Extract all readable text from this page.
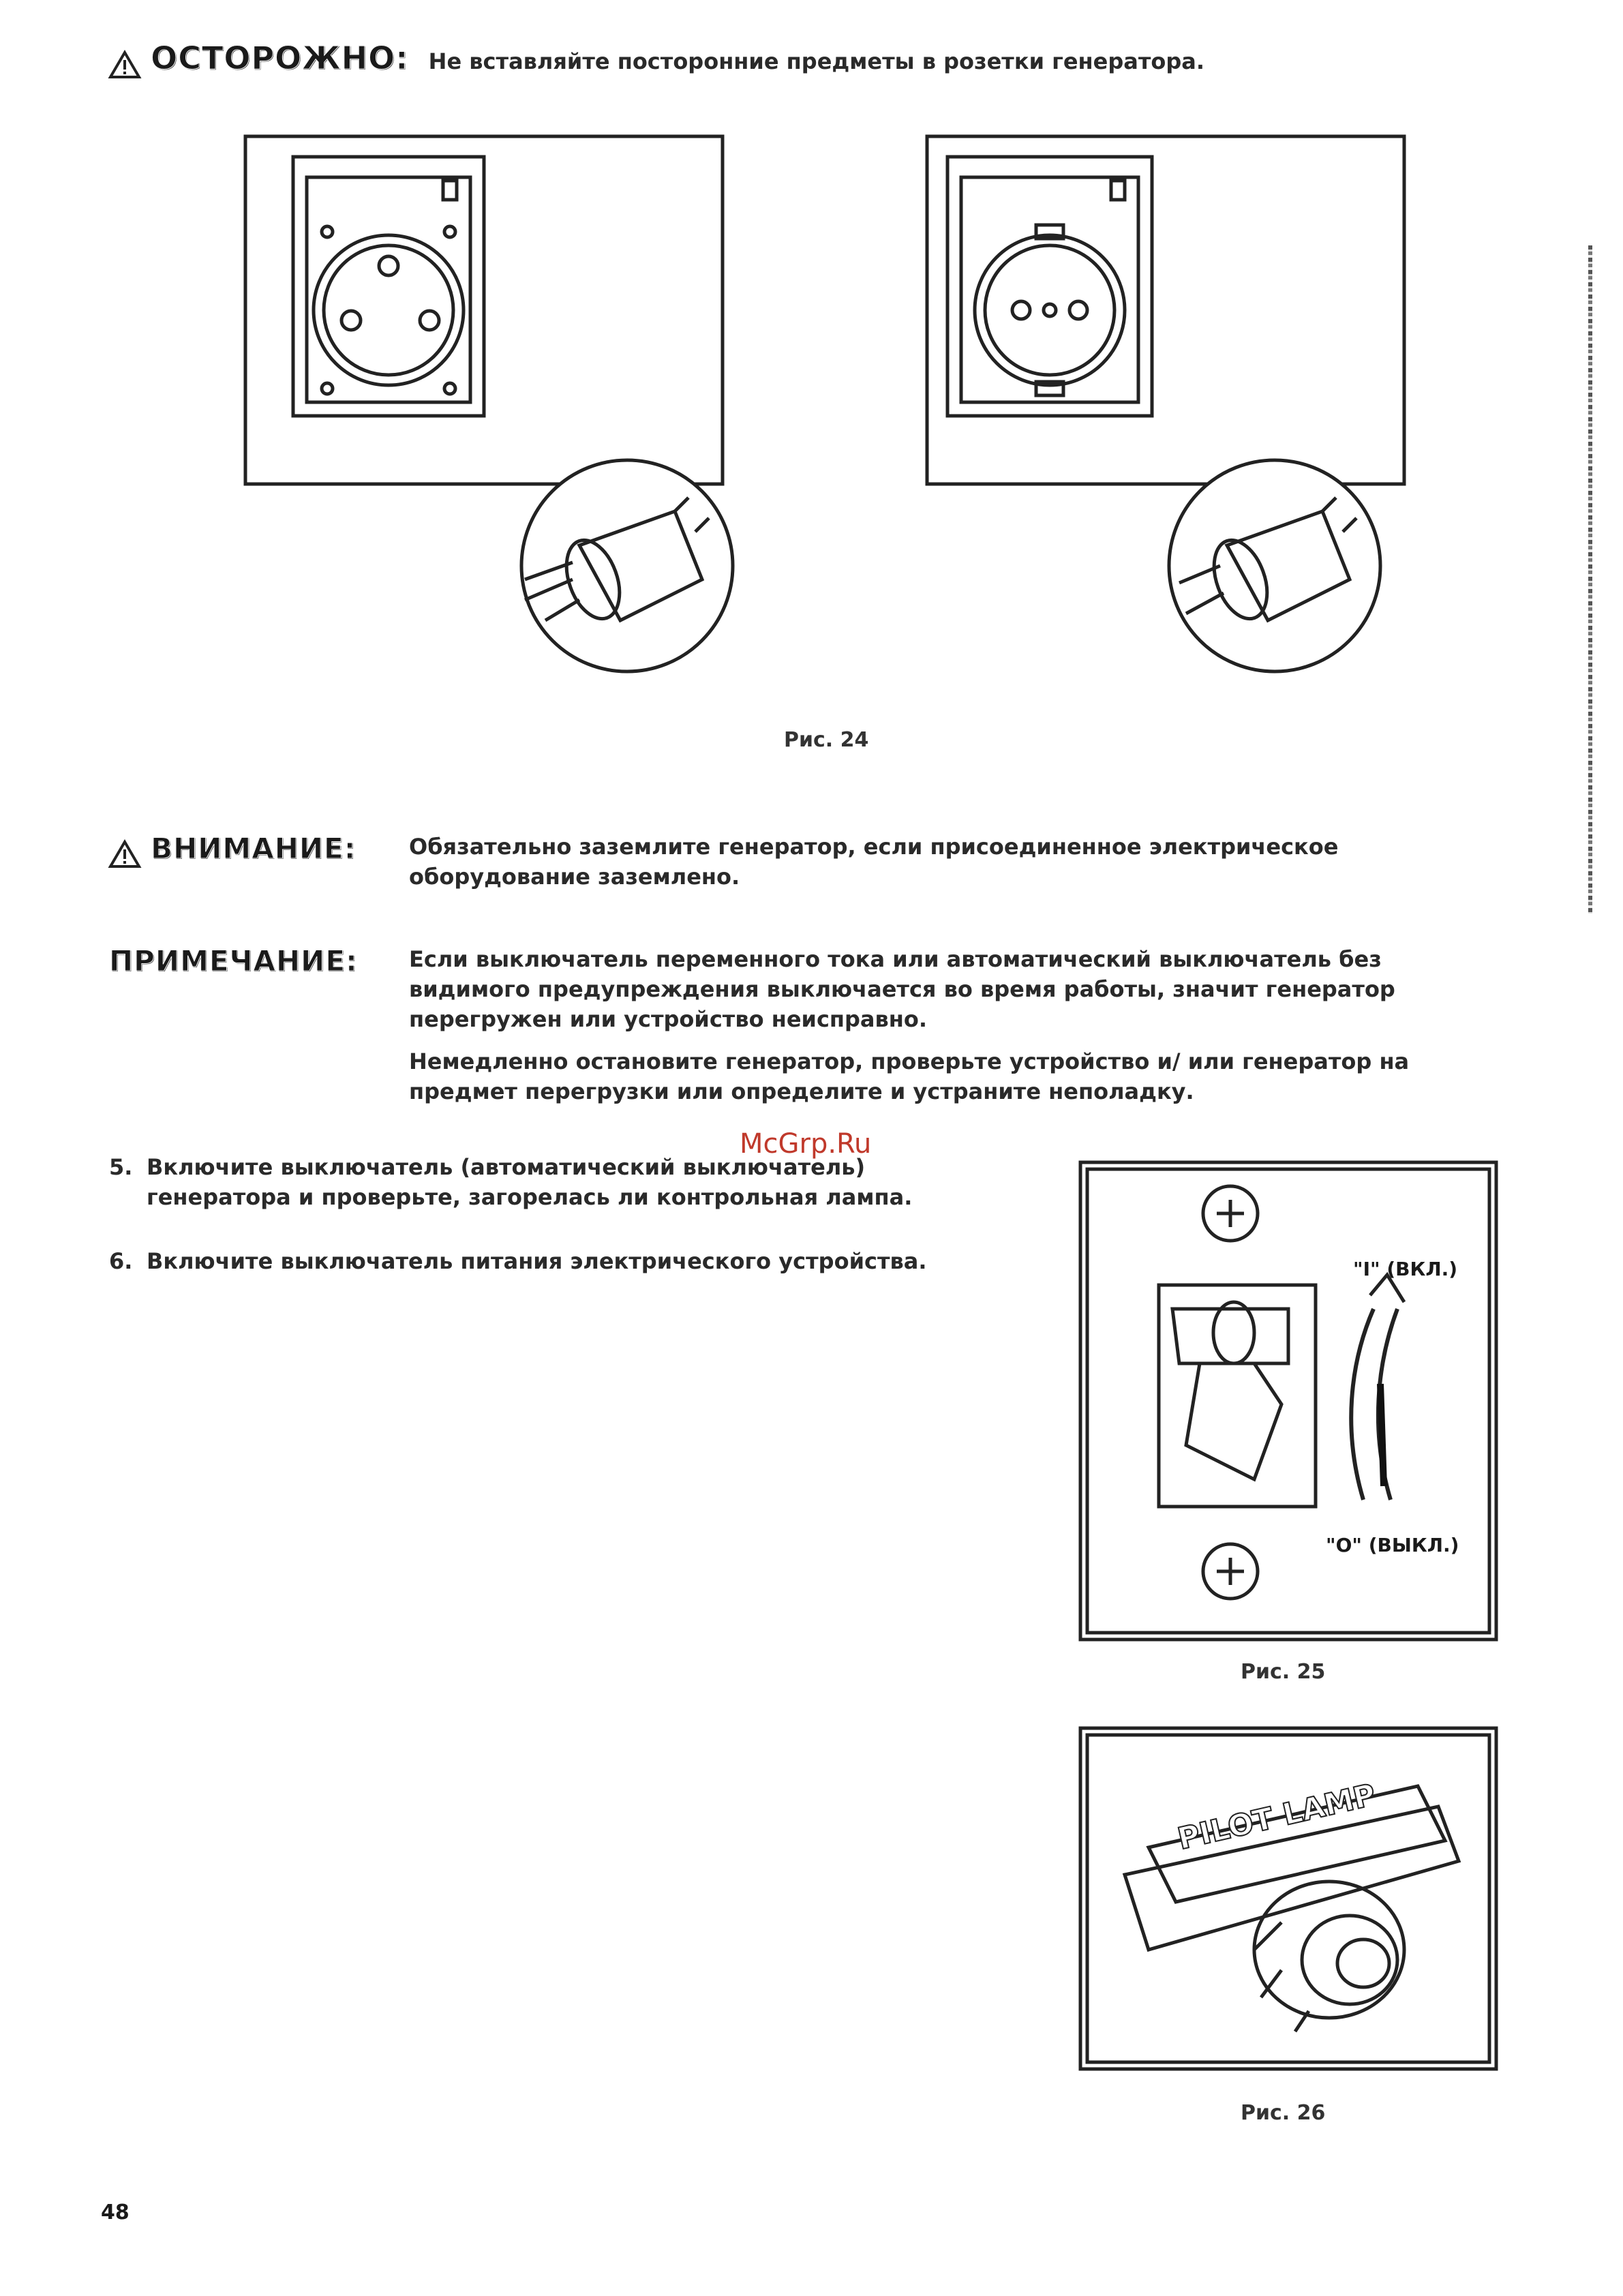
ОСТОРОЖНО: Не вставляйте посторонние предметы в розетки генератора.
Рис. 24
ВНИМАНИЕ:	Обязательно заземлите генератор, если присоединенное электрическое оборудование заземлено.
ПРИМЕЧАНИЕ:	Если выключатель переменного тока или автоматический выключатель без видимого предупреждения выключается во время работы, значит генератор перегружен или устройство неисправно.
Немедленно остановите генератор, проверьте устройство и/ или генератор на предмет перегрузки или определите и устраните неполадку.
McGrp.Ru
5. Включите выключатель (автоматический выключатель) генератора и проверьте, загорелась ли контрольная лампа.
6. Включите выключатель питания электрического устройства.	"I" (ВКЛ.)
"O" (ВЫКЛ.)
Рис. 25
PILOT LAMP
Рис. 26
48
